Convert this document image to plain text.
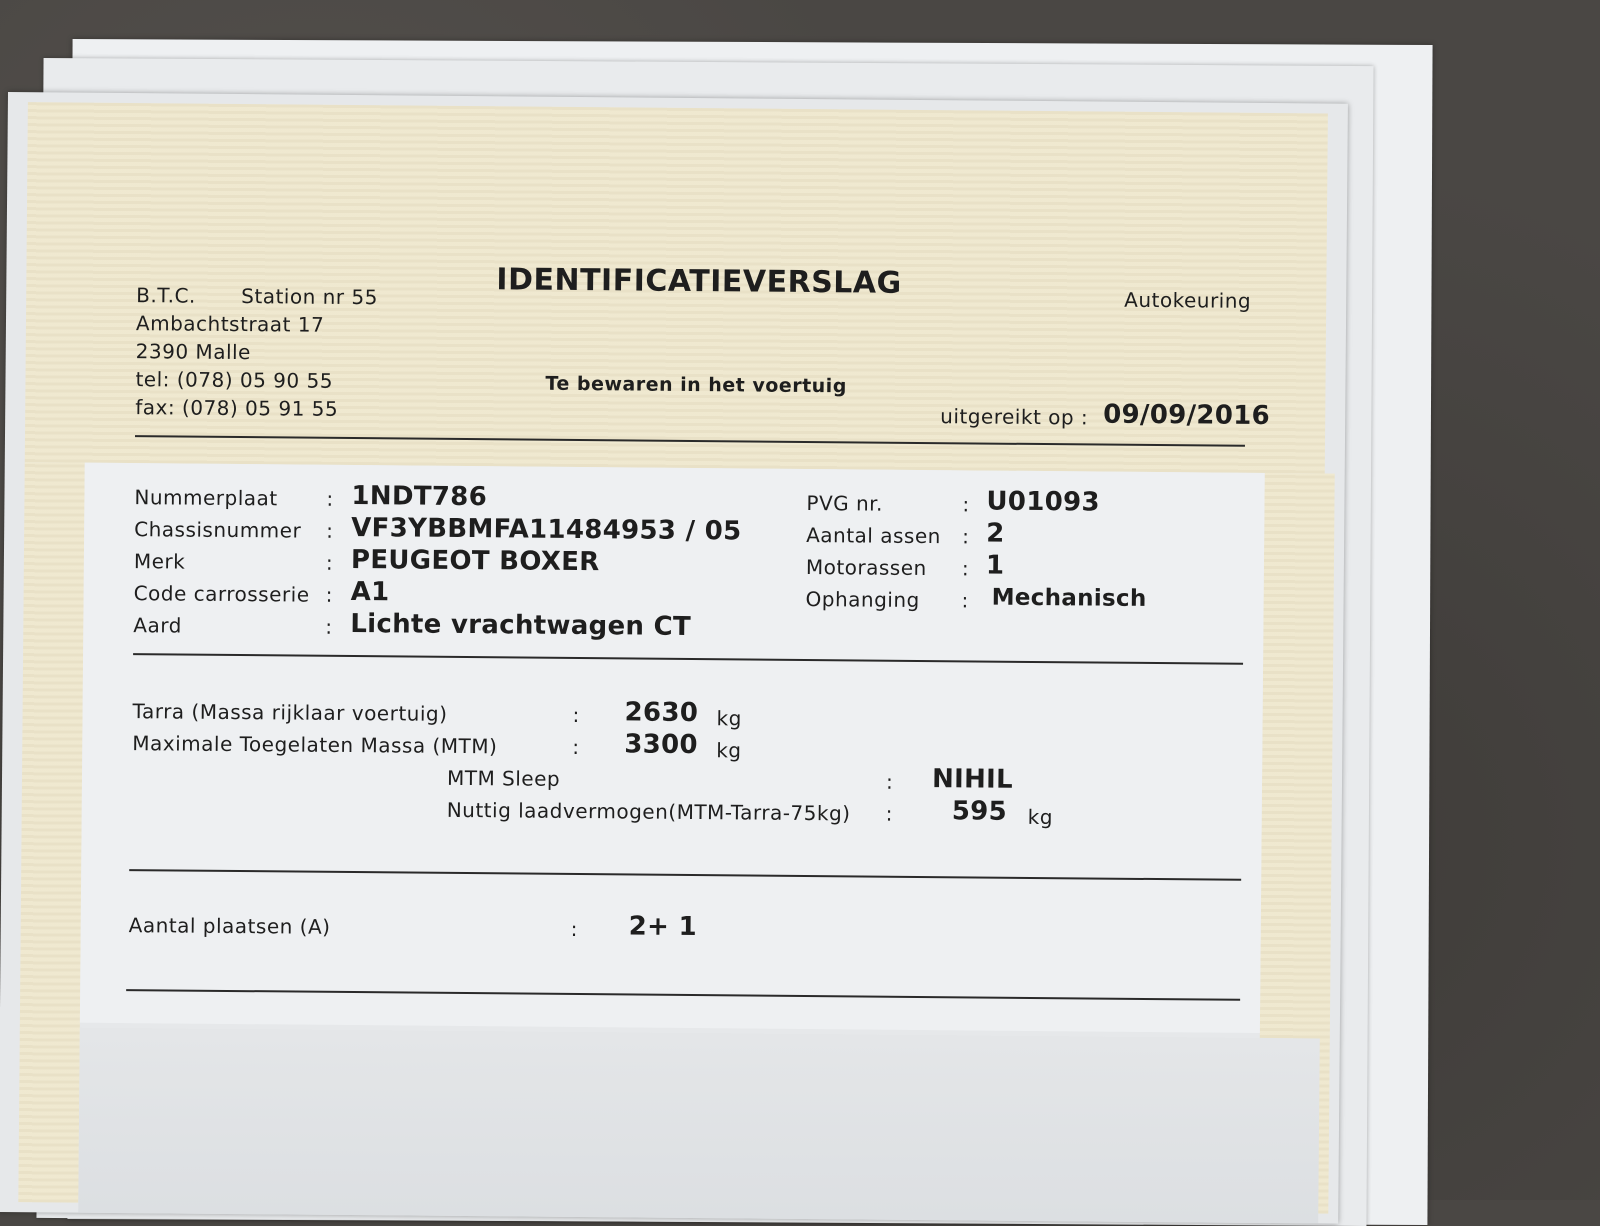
B.T.C. Station nr 55
Ambachtstraat 17
2390 Malle
tel: (078) 05 90 55
fax: (078) 05 91 55
IDENTIFICATIEVERSLAG
Te bewaren in het voertuig
Autokeuring
uitgereikt op : 09/09/2016
Nummerplaat : 1NDT786
Chassisnummer : VF3YBBMFA11484953 / 05
Merk	: PEUGEOT BOXER
Code carrosserie : A1
Aard	: Lichte vrachtwagen CT
PVG nr.	: U01093
Aantal assen : 2
Motorassen : 1
Ophanging : Mechanisch
Tarra (Massa rijklaar voertuig)	: 2630 kg
Maximale Toegelaten Massa (MTM)	: 3300 kg
MTM Sleep	: NIHIL
Nuttig laadvermogen(MTM-Tarra-75kg) : 595 kg
Aantal plaatsen (A)	: 2+ 1
